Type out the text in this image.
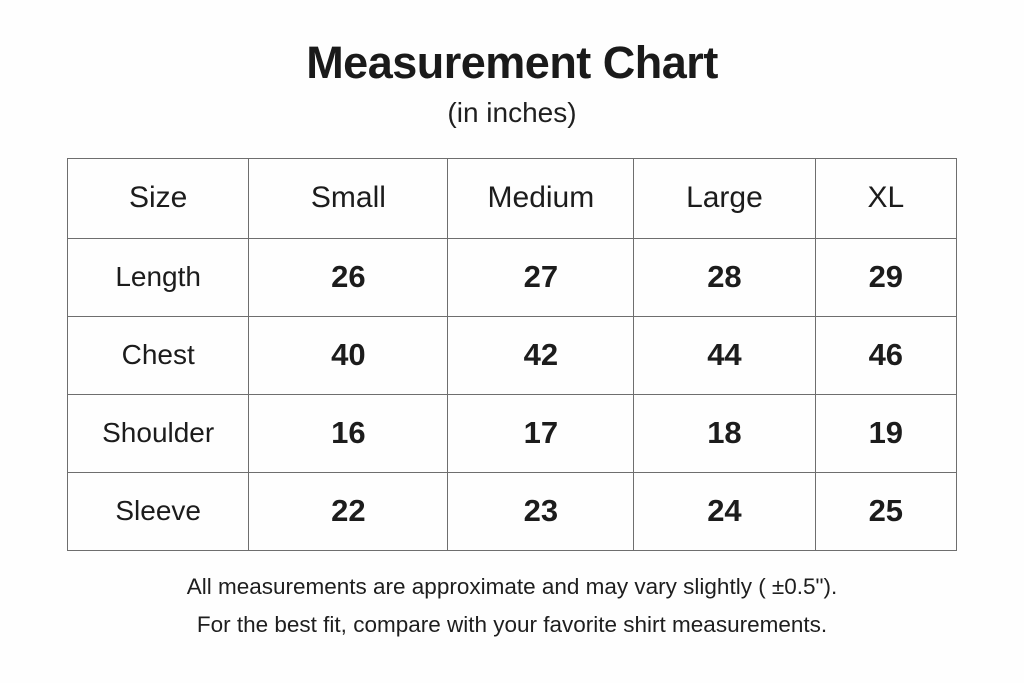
Measurement Chart
(in inches)
Size	Small	Medium	Large	XL
Length	26	27	28	29
Chest	40	42	44	46
Shoulder	16	17	18	19
Sleeve	22	23	24	25
All measurements are approximate and may vary slightly ( ±0.5").
For the best fit, compare with your favorite shirt measurements.
